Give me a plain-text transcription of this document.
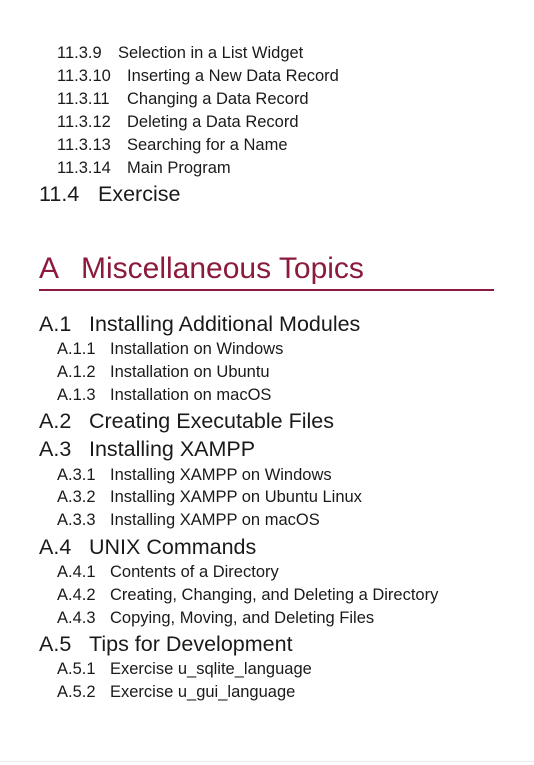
11.3.9 Selection in a List Widget
11.3.10 Inserting a New Data Record
11.3.11 Changing a Data Record
11.3.12 Deleting a Data Record
11.3.13 Searching for a Name
11.3.14 Main Program
11.4 Exercise
A Miscellaneous Topics
A.1 Installing Additional Modules
A.1.1 Installation on Windows
A.1.2 Installation on Ubuntu
A.1.3 Installation on macOS
A.2 Creating Executable Files
A.3 Installing XAMPP
A.3.1 Installing XAMPP on Windows
A.3.2 Installing XAMPP on Ubuntu Linux
A.3.3 Installing XAMPP on macOS
A.4 UNIX Commands
A.4.1 Contents of a Directory
A.4.2 Creating, Changing, and Deleting a Directory
A.4.3 Copying, Moving, and Deleting Files
A.5 Tips for Development
A.5.1 Exercise u_sqlite_language
A.5.2 Exercise u_gui_language
